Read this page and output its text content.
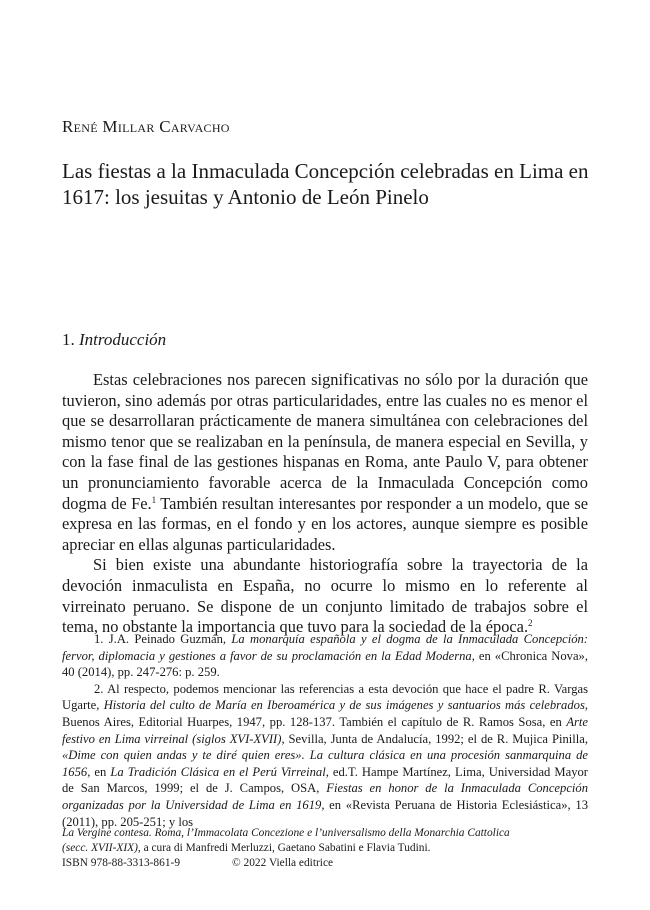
René Millar Carvacho
Las fiestas a la Inmaculada Concepción celebradas en Lima en 1617: los jesuitas y Antonio de León Pinelo
1. Introducción

Estas celebraciones nos parecen significativas no sólo por la duración que tuvieron, sino además por otras particularidades, entre las cuales no es menor el que se desarrollaran prácticamente de manera simultánea con celebraciones del mismo tenor que se realizaban en la península, de manera especial en Sevilla, y con la fase final de las gestiones hispanas en Roma, ante Paulo V, para obtener un pronunciamiento favorable acerca de la Inmaculada Concepción como dogma de Fe.$^1$ También resultan interesantes por responder a un modelo, que se expresa en las formas, en el fondo y en los actores, aunque siempre es posible apreciar en ellas algunas particularidades.

Si bien existe una abundante historiografía sobre la trayectoria de la devoción inmaculista en España, no ocurre lo mismo en lo referente al virreinato peruano. Se dispone de un conjunto limitado de trabajos sobre el tema, no obstante la importancia que tuvo para la sociedad de la época.$^2$

1. J.A. Peinado Guzmán, La monarquía española y el dogma de la Inmaculada Concepción: fervor, diplomacia y gestiones a favor de su proclamación en la Edad Moderna, en «Chronica Nova», 40 (2014), pp. 247-276: p. 259.

2. Al respecto, podemos mencionar las referencias a esta devoción que hace el padre R. Vargas Ugarte, Historia del culto de María en Iberoamérica y de sus imágenes y santuarios más celebrados, Buenos Aires, Editorial Huarpes, 1947, pp. 128-137. También el capítulo de R. Ramos Sosa, en Arte festivo en Lima virreinal (siglos XVI-XVII), Sevilla, Junta de Andalucía, 1992; el de R. Mujica Pinilla, «Dime con quien andas y te diré quien eres». La cultura clásica en una procesión sanmarquina de 1656, en La Tradición Clásica en el Perú Virreinal, ed.T. Hampe Martínez, Lima, Universidad Mayor de San Marcos, 1999; el de J. Campos, OSA, Fiestas en honor de la Inmaculada Concepción organizadas por la Universidad de Lima en 1619, en «Revista Peruana de Historia Eclesiástica», 13 (2011), pp. 205-251; y los

La Vergine contesa. Roma, l’Immacolata Concezione e l’universalismo della Monarchia Cattolica
(secc. XVII-XIX), a cura di Manfredi Merluzzi, Gaetano Sabatini e Flavia Tudini.
ISBN 978-88-3313-861-9	© 2022 Viella editrice
